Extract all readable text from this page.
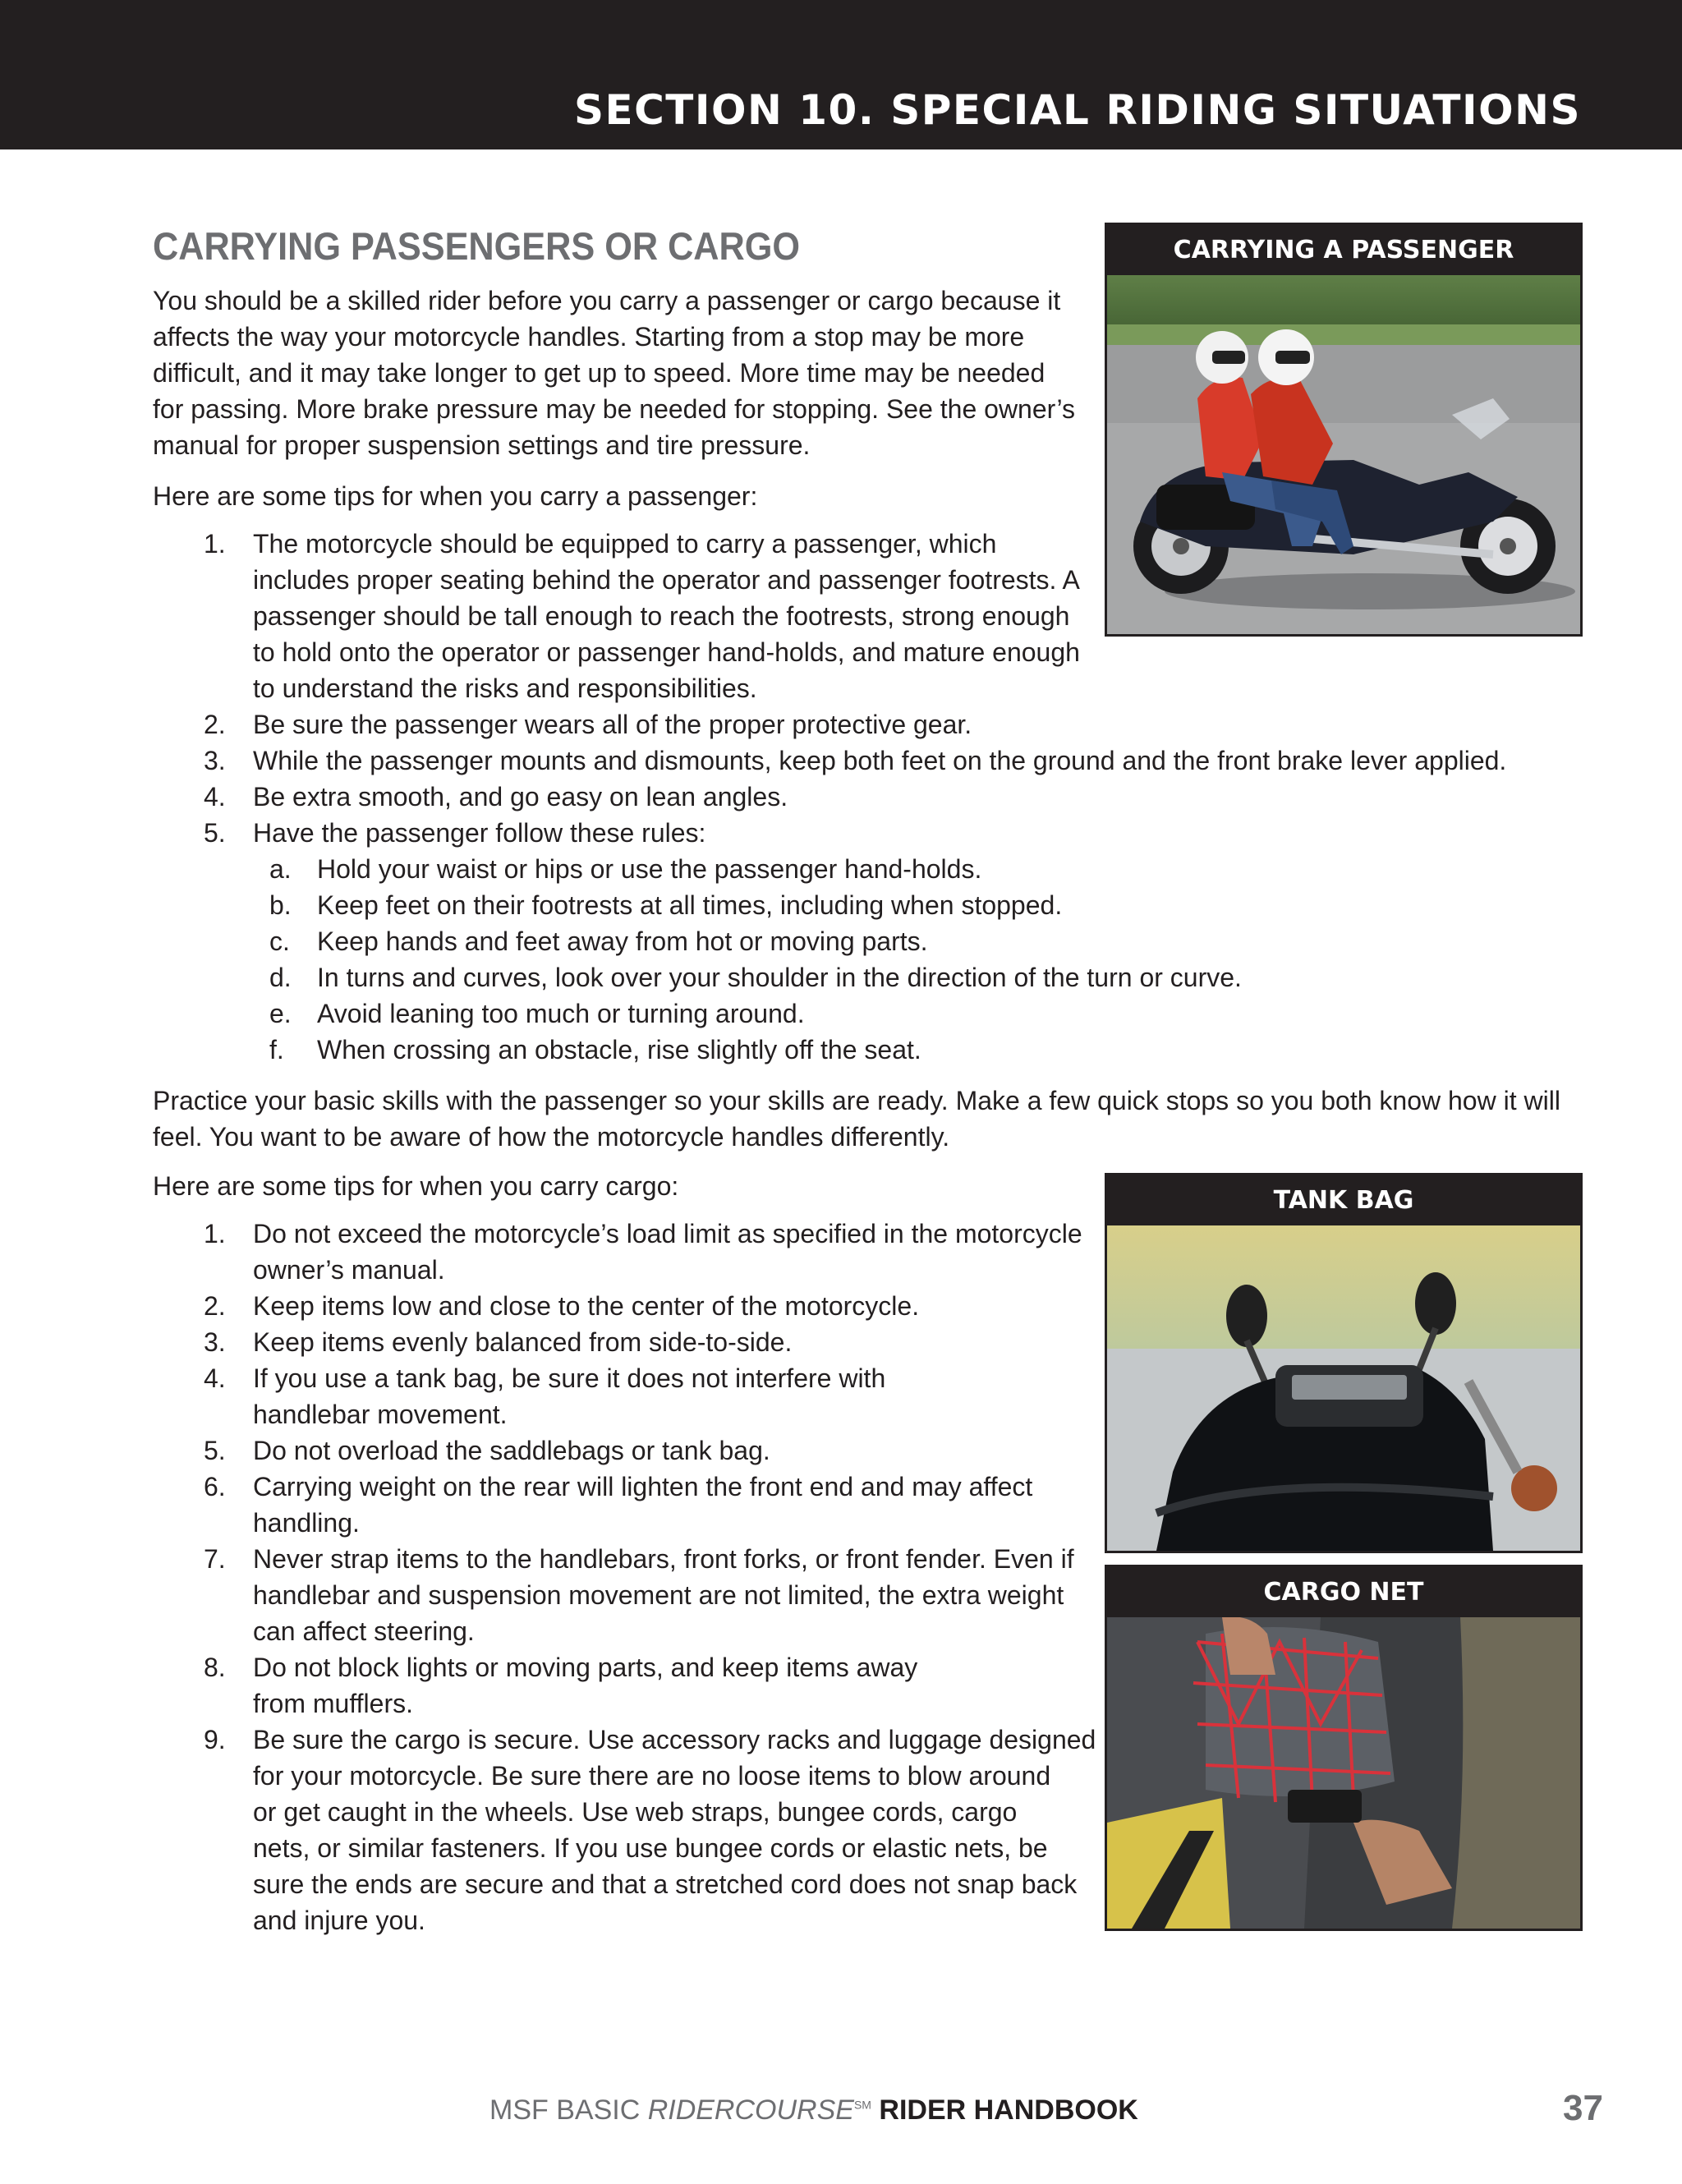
SECTION 10. SPECIAL RIDING SITUATIONS
CARRYING PASSENGERS OR CARGO
You should be a skilled rider before you carry a passenger or cargo because it
affects the way your motorcycle handles. Starting from a stop may be more
difficult, and it may take longer to get up to speed. More time may be needed
for passing. More brake pressure may be needed for stopping. See the owner’s
manual for proper suspension settings and tire pressure.
Here are some tips for when you carry a passenger:
1.	The motorcycle should be equipped to carry a passenger, which
includes proper seating behind the operator and passenger footrests. A
passenger should be tall enough to reach the footrests, strong enough
to hold onto the operator or passenger hand-holds, and mature enough
to understand the risks and responsibilities.
2.	Be sure the passenger wears all of the proper protective gear.
3.	While the passenger mounts and dismounts, keep both feet on the ground and the front brake lever applied.
4.	Be extra smooth, and go easy on lean angles.
5.	Have the passenger follow these rules:
a. Hold your waist or hips or use the passenger hand-holds.
b. Keep feet on their footrests at all times, including when stopped.
c. Keep hands and feet away from hot or moving parts.
d. In turns and curves, look over your shoulder in the direction of the turn or curve.
e. Avoid leaning too much or turning around.
f. When crossing an obstacle, rise slightly off the seat.
Practice your basic skills with the passenger so your skills are ready. Make a few quick stops so you both know how it will
feel. You want to be aware of how the motorcycle handles differently.
Here are some tips for when you carry cargo:
1.	Do not exceed the motorcycle’s load limit as specified in the motorcycle
owner’s manual.
2.	Keep items low and close to the center of the motorcycle.
3.	Keep items evenly balanced from side-to-side.
4.	If you use a tank bag, be sure it does not interfere with
handlebar movement.
5.	Do not overload the saddlebags or tank bag.
6.	Carrying weight on the rear will lighten the front end and may affect
handling.
7.	Never strap items to the handlebars, front forks, or front fender. Even if
handlebar and suspension movement are not limited, the extra weight
can affect steering.
8.	Do not block lights or moving parts, and keep items away
from mufflers.
9.	Be sure the cargo is secure. Use accessory racks and luggage designed
for your motorcycle. Be sure there are no loose items to blow around
or get caught in the wheels. Use web straps, bungee cords, cargo
nets, or similar fasteners. If you use bungee cords or elastic nets, be
sure the ends are secure and that a stretched cord does not snap back
and injure you.
CARRYING A PASSENGER
TANK BAG
CARGO NET
MSF BASIC RIDERCOURSE℠ RIDER HANDBOOK	37
